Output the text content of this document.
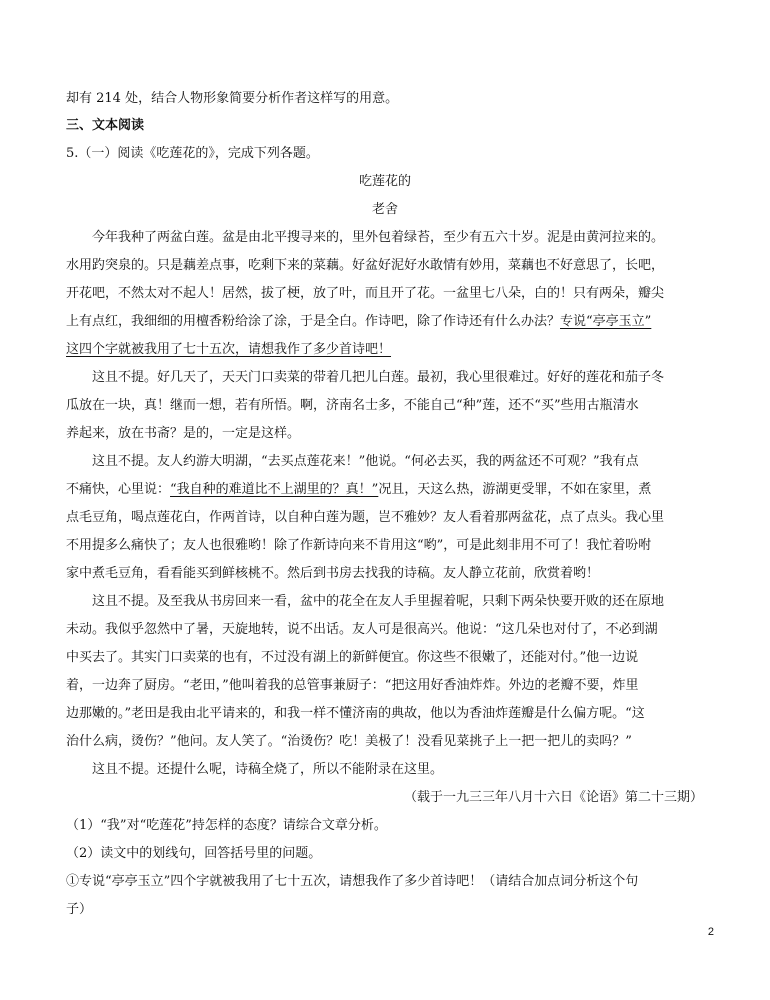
却有 214 处，结合人物形象简要分析作者这样写的用意。
三、文本阅读
5.（一）阅读《吃莲花的》，完成下列各题。
吃莲花的
老舍
今年我种了两盆白莲。盆是由北平搜寻来的，里外包着绿苔，至少有五六十岁。泥是由黄河拉来的。
水用趵突泉的。只是藕差点事，吃剩下来的菜藕。好盆好泥好水敢情有妙用，菜藕也不好意思了，长吧，
开花吧，不然太对不起人！居然，拔了梗，放了叶，而且开了花。一盆里七八朵，白的！只有两朵，瓣尖
上有点红，我细细的用檀香粉给涂了涂，于是全白。作诗吧，除了作诗还有什么办法？专说“亭亭玉立”
这四个字就被我用了七十五次，请想我作了多少首诗吧！
这且不提。好几天了，天天门口卖菜的带着几把儿白莲。最初，我心里很难过。好好的莲花和茄子冬
瓜放在一块，真！继而一想，若有所悟。啊，济南名士多，不能自己“种”莲，还不“买”些用古瓶清水
养起来，放在书斋？是的，一定是这样。
这且不提。友人约游大明湖，“去买点莲花来！”他说。“何必去买，我的两盆还不可观？”我有点
不痛快，心里说：“我自种的难道比不上湖里的？真！”况且，天这么热，游湖更受罪，不如在家里，煮
点毛豆角，喝点莲花白，作两首诗，以自种白莲为题，岂不雅妙？友人看着那两盆花，点了点头。我心里
不用提多么痛快了；友人也很雅哟！除了作新诗向来不肯用这“哟”，可是此刻非用不可了！我忙着吩咐
家中煮毛豆角，看看能买到鲜核桃不。然后到书房去找我的诗稿。友人静立花前，欣赏着哟！
这且不提。及至我从书房回来一看，盆中的花全在友人手里握着呢，只剩下两朵快要开败的还在原地
未动。我似乎忽然中了暑，天旋地转，说不出话。友人可是很高兴。他说：“这几朵也对付了，不必到湖
中买去了。其实门口卖菜的也有，不过没有湖上的新鲜便宜。你这些不很嫩了，还能对付。”他一边说
着，一边奔了厨房。“老田，”他叫着我的总管事兼厨子：“把这用好香油炸炸。外边的老瓣不要，炸里
边那嫩的。”老田是我由北平请来的，和我一样不懂济南的典故，他以为香油炸莲瓣是什么偏方呢。“这
治什么病，烫伤？”他问。友人笑了。“治烫伤？吃！美极了！没看见菜挑子上一把一把儿的卖吗？”
这且不提。还提什么呢，诗稿全烧了，所以不能附录在这里。
（载于一九三三年八月十六日《论语》第二十三期）
（1）“我”对“吃莲花”持怎样的态度？请综合文章分析。
（2）读文中的划线句，回答括号里的问题。
①专说“亭亭玉立”四个字就被我用了七十五次，请想我作了多少首诗吧！（请结合加点词分析这个句
子）
2
